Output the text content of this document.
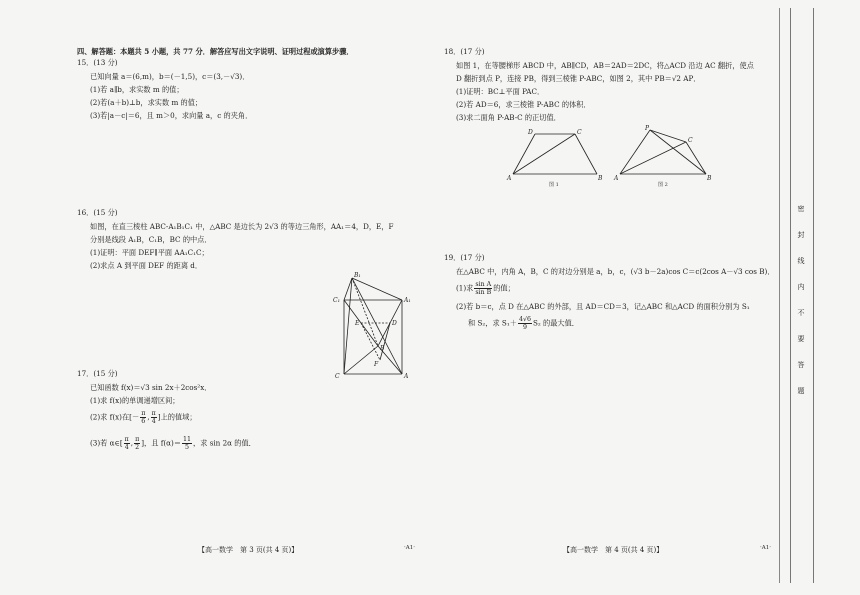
四、解答题：本题共 5 小题，共 77 分．解答应写出文字说明、证明过程或演算步骤．
15．(13 分)
已知向量 a＝(6,m)，b＝(－1,5)，c＝(3,－√3)．
(1)若 a∥b，求实数 m 的值；
(2)若(a＋b)⊥b，求实数 m 的值；
(3)若|a－c|＝6，且 m＞0，求向量 a，c 的夹角．
16．(15 分)
如图，在直三棱柱 ABC-A₁B₁C₁ 中，△ABC 是边长为 2√3 的等边三角形，AA₁＝4，D，E，F
分别是线段 A₁B，C₁B，BC 的中点．
(1)证明：平面 DEF∥平面 AA₁C₁C；
(2)求点 A 到平面 DEF 的距离 d．
B₁
C₁	A₁
E	D
B
F
C	A
17．(15 分)
已知函数 f(x)＝√3 sin 2x＋2cos²x．
(1)求 f(x)的单调递增区间；
(2)求 f(x)在[－ $\frac{\pi}{6}$ , $\frac{\pi}{4}$ ]上的值域；
(3)若 α∈[ $\frac{\pi}{4}$ , $\frac{\pi}{2}$ ]，且 $f(\alpha)= \frac{11}{5}$ ，求 sin 2α 的值．
18．(17 分)
如图 1，在等腰梯形 ABCD 中，AB∥CD，AB＝2AD＝2DC，将△ACD 沿边 AC 翻折，使点
D 翻折到点 P，连接 PB，得到三棱锥 P-ABC，如图 2，其中 PB＝√2 AP．
(1)证明：BC⊥平面 PAC．
(2)若 AD＝6，求三棱锥 P-ABC 的体积．
(3)求二面角 P-AB-C 的正切值．
D	C
A	B
图 1
P
C
A	B
图 2
19．(17 分)
在△ABC 中，内角 A，B，C 的对边分别是 a，b，c，(√3 b－2a)cos C＝c(2cos A－√3 cos B)．
(1)求 $\frac{\text{sin A}}{\text{sin B}}$ 的值；
(2)若 b＝c，点 D 在△ABC 的外部，且 AD＝CD＝3，记△ABC 和△ACD 的面积分别为 S₁
和 S₂，求 $S_1+ \frac{4√6}{9} S_2$ 的最大值．
【高一数学　第 3 页(共 4 页)】	·A1·	【高一数学　第 4 页(共 4 页)】	·A1·
密
封
线
内
不
要
答
题
